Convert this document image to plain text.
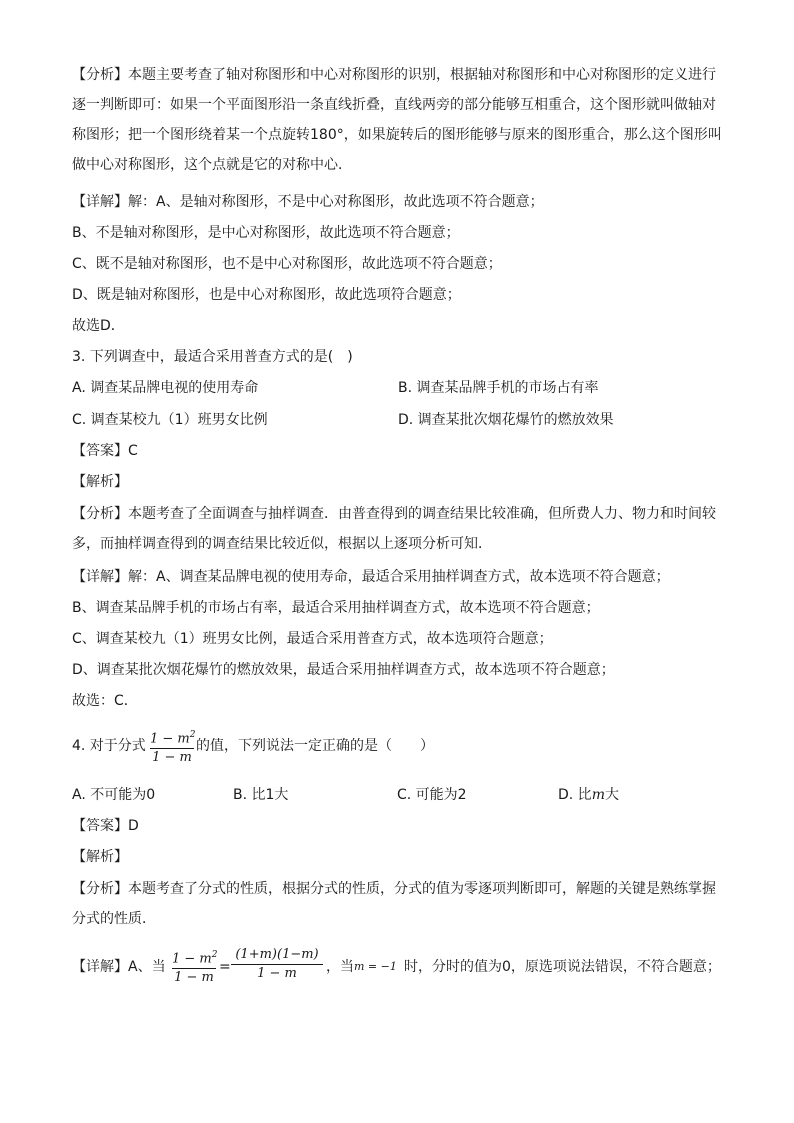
【分析】本题主要考查了轴对称图形和中心对称图形的识别，根据轴对称图形和中心对称图形的定义进行
逐一判断即可：如果一个平面图形沿一条直线折叠，直线两旁的部分能够互相重合，这个图形就叫做轴对
称图形；把一个图形绕着某一个点旋转180°，如果旋转后的图形能够与原来的图形重合，那么这个图形叫
做中心对称图形，这个点就是它的对称中心．
【详解】解：A、是轴对称图形，不是中心对称图形，故此选项不符合题意；
B、不是轴对称图形，是中心对称图形，故此选项不符合题意；
C、既不是轴对称图形，也不是中心对称图形，故此选项不符合题意；
D、既是轴对称图形，也是中心对称图形，故此选项符合题意；
故选D．
3. 下列调查中，最适合采用普查方式的是(　)
A. 调查某品牌电视的使用寿命	B. 调查某品牌手机的市场占有率
C. 调查某校九（1）班男女比例	D. 调查某批次烟花爆竹的燃放效果
【答案】C
【解析】
【分析】本题考查了全面调查与抽样调查．由普查得到的调查结果比较准确，但所费人力、物力和时间较
多，而抽样调查得到的调查结果比较近似，根据以上逐项分析可知．
【详解】解：A、调查某品牌电视的使用寿命，最适合采用抽样调查方式，故本选项不符合题意；
B、调查某品牌手机的市场占有率，最适合采用抽样调查方式，故本选项不符合题意；
C、调查某校九（1）班男女比例，最适合采用普查方式，故本选项符合题意；
D、调查某批次烟花爆竹的燃放效果，最适合采用抽样调查方式，故本选项不符合题意；
故选：C．
4. 对于分式 $1 - m^2$
1 − m
的值，下列说法一定正确的是（　　）
A. 不可能为0	B. 比1大	C. 可能为2	D. 比m大
【答案】D
【解析】
【分析】本题考查了分式的性质，根据分式的性质，分式的值为零逐项判断即可，解题的关键是熟练掌握
分式的性质．
【详解】A、当
$1 - m^2$
1 − m
=
(1+m)(1−m)
1 − m	，当 m = −1 时，分时的值为0，原选项说法错误，不符合题意；
